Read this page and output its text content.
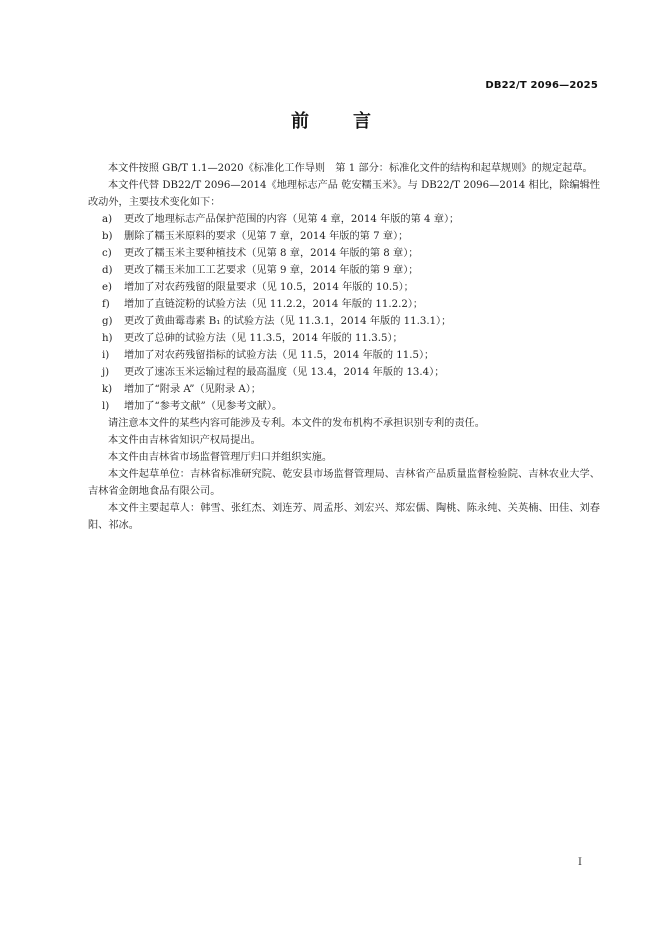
DB22/T 2096—2025
前言

本文件按照 GB/T 1.1—2020《标准化工作导则　第 1 部分：标准化文件的结构和起草规则》的规定起草。

本文件代替 DB22/T 2096—2014《地理标志产品 乾安糯玉米》。与 DB22/T 2096—2014 相比，除编辑性改动外，主要技术变化如下：

a)	更改了地理标志产品保护范围的内容（见第 4 章，2014 年版的第 4 章）；
b)	删除了糯玉米原料的要求（见第 7 章，2014 年版的第 7 章）；
c)	更改了糯玉米主要种植技术（见第 8 章，2014 年版的第 8 章）；
d)	更改了糯玉米加工工艺要求（见第 9 章，2014 年版的第 9 章）；
e)	增加了对农药残留的限量要求（见 10.5，2014 年版的 10.5）；
f)	增加了直链淀粉的试验方法（见 11.2.2，2014 年版的 11.2.2）；
g)	更改了黄曲霉毒素 B₁ 的试验方法（见 11.3.1，2014 年版的 11.3.1）；
h)	更改了总砷的试验方法（见 11.3.5，2014 年版的 11.3.5）；
i)	增加了对农药残留指标的试验方法（见 11.5，2014 年版的 11.5）；
j)	更改了速冻玉米运输过程的最高温度（见 13.4，2014 年版的 13.4）；
k)	增加了“附录 A”（见附录 A）；
l)	增加了“参考文献”（见参考文献）。

请注意本文件的某些内容可能涉及专利。本文件的发布机构不承担识别专利的责任。

本文件由吉林省知识产权局提出。

本文件由吉林省市场监督管理厅归口并组织实施。

本文件起草单位：吉林省标准研究院、乾安县市场监督管理局、吉林省产品质量监督检验院、吉林农业大学、吉林省金朗地食品有限公司。

本文件主要起草人：韩雪、张红杰、刘连芳、周孟彤、刘宏兴、郑宏儒、陶桃、陈永纯、关英楠、田佳、刘春阳、祁冰。

I
